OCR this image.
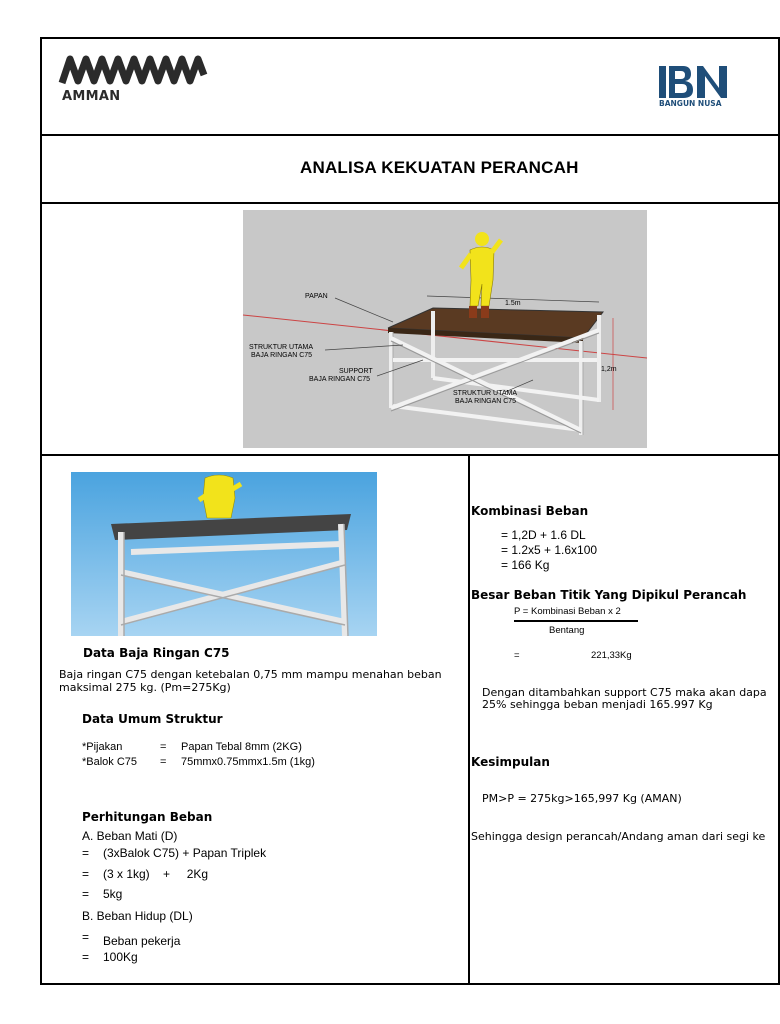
AMMAN	BANGUN NUSA
ANALISA KEKUATAN PERANCAH
PAPAN
1.5m
STRUKTUR UTAMA
BAJA RINGAN C75
SUPPORT
BAJA RINGAN C75
1,2m
STRUKTUR UTAMA
BAJA RINGAN C75
Data Baja Ringan C75
Baja ringan C75 dengan ketebalan 0,75 mm mampu menahan beban maksimal 275 kg. (Pm=275Kg)
Data Umum Struktur
*Pijakan	= Papan Tebal 8mm (2KG)
*Balok C75 = 75mmx0.75mmx1.5m (1kg)
Perhitungan Beban
A. Beban Mati (D)
= (3xBalok C75) + Papan Triplek
= (3 x 1kg)    +     2Kg
= 5kg
B. Beban Hidup (DL)
= Beban pekerja
= 100Kg
Kombinasi Beban
= 1,2D + 1.6 DL
= 1.2x5 + 1.6x100
= 166 Kg
Besar Beban Titik Yang Dipikul Perancah
P = Kombinasi Beban x 2
Bentang
=	221,33Kg
Dengan ditambahkan support C75 maka akan dapa
25% sehingga beban menjadi 165.997 Kg
Kesimpulan
PM>P = 275kg>165,997 Kg (AMAN)
Sehingga design perancah/Andang aman dari segi ke
